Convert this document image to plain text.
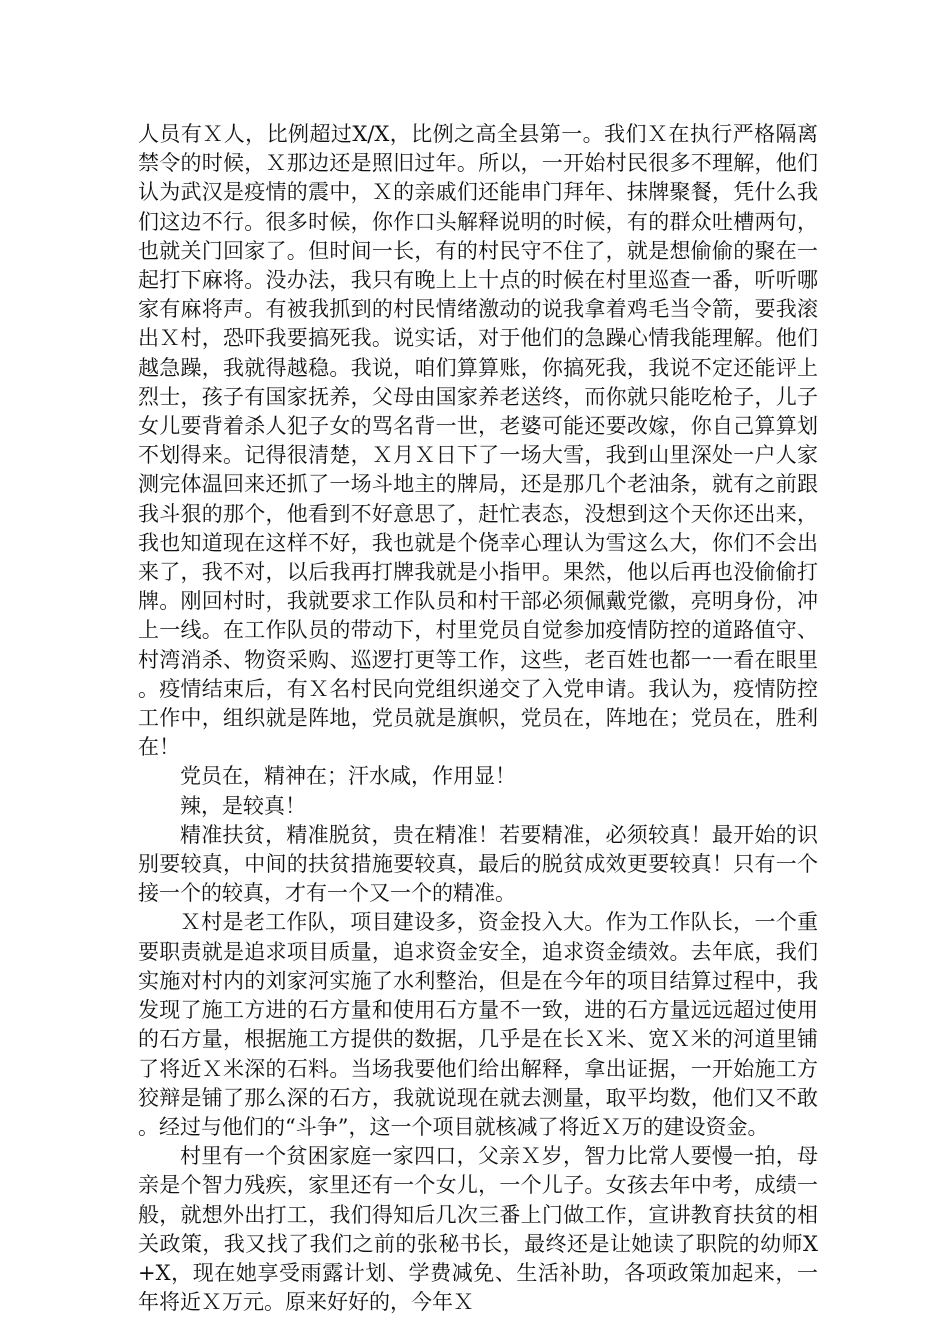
人员有Ｘ人，比例超过X/X，比例之高全县第一。我们Ｘ在执行严格隔离禁令的时候，Ｘ那边还是照旧过年。所以，一开始村民很多不理解，他们认为武汉是疫情的震中，Ｘ的亲戚们还能串门拜年、抹牌聚餐，凭什么我们这边不行。很多时候，你作口头解释说明的时候，有的群众吐槽两句，也就关门回家了。但时间一长，有的村民守不住了，就是想偷偷的聚在一起打下麻将。没办法，我只有晚上上十点的时候在村里巡查一番，听听哪家有麻将声。有被我抓到的村民情绪激动的说我拿着鸡毛当令箭，要我滚出Ｘ村，恐吓我要搞死我。说实话，对于他们的急躁心情我能理解。他们越急躁，我就得越稳。我说，咱们算算账，你搞死我，我说不定还能评上烈士，孩子有国家抚养，父母由国家养老送终，而你就只能吃枪子，儿子女儿要背着杀人犯子女的骂名背一世，老婆可能还要改嫁，你自己算算划不划得来。记得很清楚，Ｘ月Ｘ日下了一场大雪，我到山里深处一户人家测完体温回来还抓了一场斗地主的牌局，还是那几个老油条，就有之前跟我斗狠的那个，他看到不好意思了，赶忙表态，没想到这个天你还出来，我也知道现在这样不好，我也就是个侥幸心理认为雪这么大，你们不会出来了，我不对，以后我再打牌我就是小指甲。果然，他以后再也没偷偷打牌。刚回村时，我就要求工作队员和村干部必须佩戴党徽，亮明身份，冲上一线。在工作队员的带动下，村里党员自觉参加疫情防控的道路值守、村湾消杀、物资采购、巡逻打更等工作，这些，老百姓也都一一看在眼里。疫情结束后，有Ｘ名村民向党组织递交了入党申请。我认为，疫情防控工作中，组织就是阵地，党员就是旗帜，党员在，阵地在；党员在，胜利在！

党员在，精神在；汗水咸，作用显！

辣，是较真！

精准扶贫，精准脱贫，贵在精准！若要精准，必须较真！最开始的识别要较真，中间的扶贫措施要较真，最后的脱贫成效更要较真！只有一个接一个的较真，才有一个又一个的精准。

Ｘ村是老工作队，项目建设多，资金投入大。作为工作队长，一个重要职责就是追求项目质量，追求资金安全，追求资金绩效。去年底，我们实施对村内的刘家河实施了水利整治，但是在今年的项目结算过程中，我发现了施工方进的石方量和使用石方量不一致，进的石方量远远超过使用的石方量，根据施工方提供的数据，几乎是在长Ｘ米、宽Ｘ米的河道里铺了将近Ｘ米深的石料。当场我要他们给出解释，拿出证据，一开始施工方狡辩是铺了那么深的石方，我就说现在就去测量，取平均数，他们又不敢。经过与他们的“斗争”，这一个项目就核减了将近Ｘ万的建设资金。

村里有一个贫困家庭一家四口，父亲Ｘ岁，智力比常人要慢一拍，母亲是个智力残疾，家里还有一个女儿，一个儿子。女孩去年中考，成绩一般，就想外出打工，我们得知后几次三番上门做工作，宣讲教育扶贫的相关政策，我又找了我们之前的张秘书长，最终还是让她读了职院的幼师X+X，现在她享受雨露计划、学费减免、生活补助，各项政策加起来，一年将近Ｘ万元。原来好好的，今年Ｘ
